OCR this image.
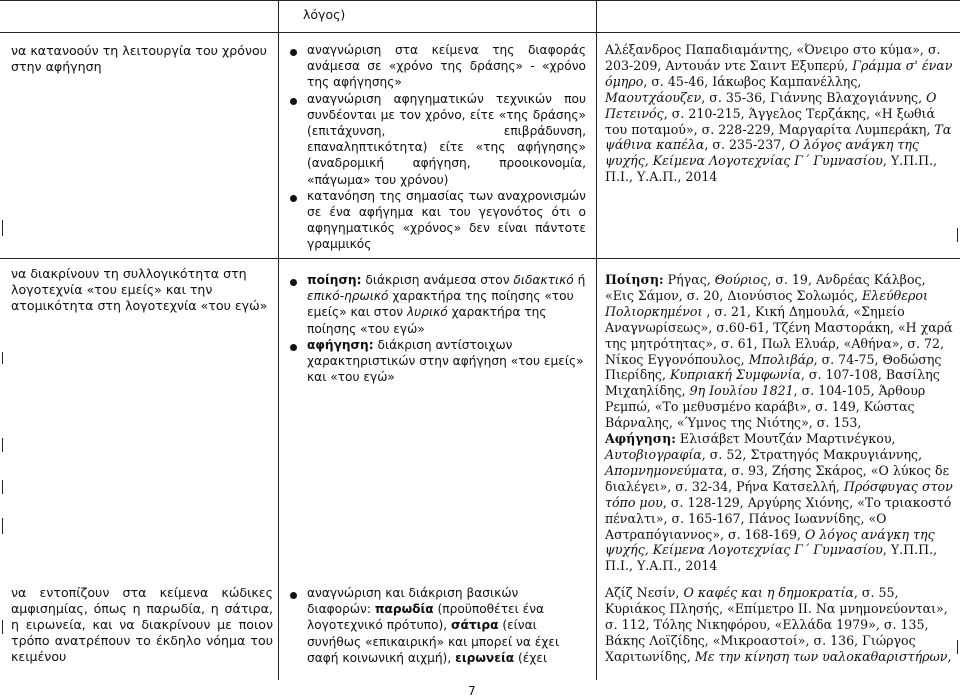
λόγος)
να κατανοούν τη λειτουργία του χρόνου στην αφήγηση
αναγνώριση στα κείμενα της διαφοράς ανάμεσα σε «χρόνο της δράσης» - «χρόνο της αφήγησης»
αναγνώριση αφηγηματικών τεχνικών που συνδέονται με τον χρόνο, είτε «της δράσης» (επιτάχυνση, επιβράδυνση, επαναληπτικότητα) είτε «της αφήγησης» (αναδρομική αφήγηση, προοικονομία, «πάγωμα» του χρόνου)
κατανόηση της σημασίας των αναχρονισμών σε ένα αφήγημα και του γεγονότος ότι ο αφηγηματικός «χρόνος» δεν είναι πάντοτε γραμμικός
Αλέξανδρος Παπαδιαμάντης, «Όνειρο στο κύμα», σ. 203-209, Αντουάν ντε Σαιντ Εξυπερύ, Γράμμα σ' έναν όμηρο, σ. 45-46, Ιάκωβος Καμπανέλλης, Μαουτχάουζεν, σ. 35-36, Γιάννης Βλαχογιάννης, Ο Πετεινός, σ. 210-215, Άγγελος Τερζάκης, «Η ξωθιά του ποταμού», σ. 228-229, Μαργαρίτα Λυμπεράκη, Τα ψάθινα καπέλα, σ. 235-237, Ο λόγος ανάγκη της ψυχής, Κείμενα Λογοτεχνίας Γ΄ Γυμνασίου, Υ.Π.Π., Π.Ι., Υ.Α.Π., 2014
να διακρίνουν τη συλλογικότητα στη λογοτεχνία «του εμείς» και την ατομικότητα στη λογοτεχνία «του εγώ»
ποίηση: διάκριση ανάμεσα στον διδακτικό ή επικό-ηρωικό χαρακτήρα της ποίησης «του εμείς» και στον λυρικό χαρακτήρα της ποίησης «του εγώ»
αφήγηση: διάκριση αντίστοιχων χαρακτηριστικών στην αφήγηση «του εμείς» και «του εγώ»
Ποίηση: Ρήγας, Θούριος, σ. 19, Ανδρέας Κάλβος, «Εις Σάμον, σ. 20, Διονύσιος Σολωμός, Ελεύθεροι Πολιορκημένοι , σ. 21, Κική Δημουλά, «Σημείο Αναγνωρίσεως», σ.60-61, Τζένη Μαστοράκη, «Η χαρά της μητρότητας», σ. 61, Πωλ Ελυάρ, «Αθήνα», σ. 72, Νίκος Εγγονόπουλος, Μπολιβάρ, σ. 74-75, Θοδώσης Πιερίδης, Κυπριακή Συμφωνία, σ. 107-108, Βασίλης Μιχαηλίδης, 9η Ιουλίου 1821, σ. 104-105, Άρθουρ Ρεμπώ, «Το μεθυσμένο καράβι», σ. 149, Κώστας Βάρναλης, «Ύμνος της Νιότης», σ. 153,
Αφήγηση: Ελισάβετ Μουτζάν Μαρτινέγκου, Αυτοβιογραφία, σ. 52, Στρατηγός Μακρυγιάννης, Απομνημονεύματα, σ. 93, Ζήσης Σκάρος, «Ο λύκος δε διαλέγει», σ. 32-34, Ρήνα Κατσελλή, Πρόσφυγας στον τόπο μου, σ. 128-129, Αργύρης Χιόνης, «Το τριακοστό πέναλτι», σ. 165-167, Πάνος Ιωαννίδης, «Ο Αστραπόγιαννος», σ. 168-169, Ο λόγος ανάγκη της ψυχής, Κείμενα Λογοτεχνίας Γ΄ Γυμνασίου, Υ.Π.Π., Π.Ι., Υ.Α.Π., 2014
να εντοπίζουν στα κείμενα κώδικες αμφισημίας, όπως η παρωδία, η σάτιρα, η ειρωνεία, και να διακρίνουν με ποιον τρόπο ανατρέπουν το έκδηλο νόημα του κειμένου
αναγνώριση και διάκριση βασικών διαφορών: παρωδία (προϋποθέτει ένα λογοτεχνικό πρότυπο), σάτιρα (είναι συνήθως «επικαιρική» και μπορεί να έχει σαφή κοινωνική αιχμή), ειρωνεία (έχει
Αζίζ Νεσίν, Ο καφές και η δημοκρατία, σ. 55, Κυριάκος Πλησής, «Επίμετρο ΙΙ. Να μνημονεύονται», σ. 112, Τόλης Νικηφόρου, «Ελλάδα 1979», σ. 135, Βάκης Λοϊζίδης, «Μικροαστοί», σ. 136, Γιώργος Χαριτωνίδης, Με την κίνηση των υαλοκαθαριστήρων,
7
